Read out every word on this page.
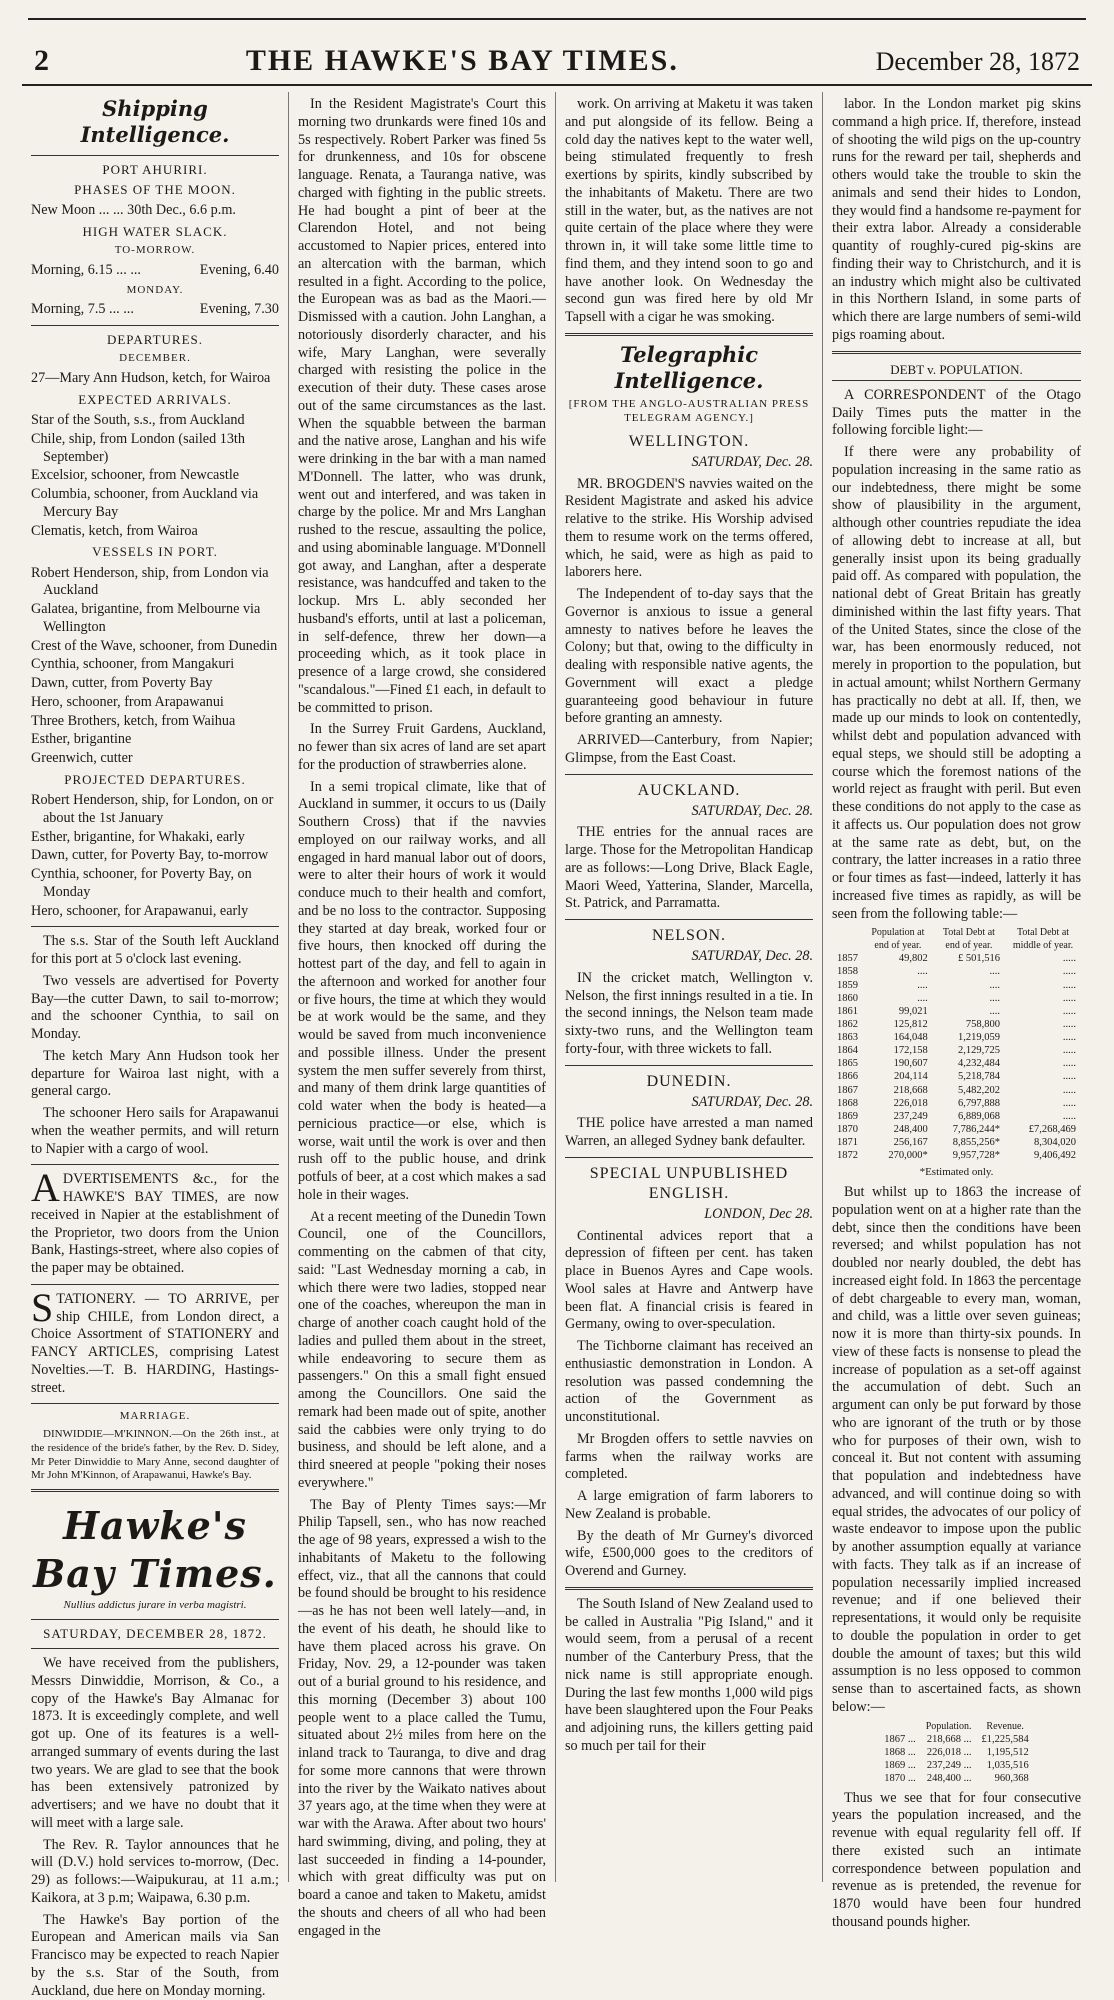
2	THE HAWKE'S BAY TIMES.	December 28, 1872
Shipping Intelligence.
PORT AHURIRI.
PHASES OF THE MOON.
New Moon ... ... 30th Dec., 6.6 p.m.
HIGH WATER SLACK.
TO-MORROW.
Morning, 6.15 ... ...	Evening, 6.40
MONDAY.
Morning, 7.5 ... ...	Evening, 7.30
DEPARTURES.
DECEMBER.
27—Mary Ann Hudson, ketch, for Wairoa
EXPECTED ARRIVALS.
Star of the South, s.s., from Auckland
Chile, ship, from London (sailed 13th September)
Excelsior, schooner, from Newcastle
Columbia, schooner, from Auckland via Mercury Bay
Clematis, ketch, from Wairoa
VESSELS IN PORT.
Robert Henderson, ship, from London via Auckland
Galatea, brigantine, from Melbourne via Wellington
Crest of the Wave, schooner, from Dunedin
Cynthia, schooner, from Mangakuri
Dawn, cutter, from Poverty Bay
Hero, schooner, from Arapawanui
Three Brothers, ketch, from Waihua
Esther, brigantine
Greenwich, cutter
PROJECTED DEPARTURES.
Robert Henderson, ship, for London, on or about the 1st January
Esther, brigantine, for Whakaki, early
Dawn, cutter, for Poverty Bay, to-morrow
Cynthia, schooner, for Poverty Bay, on Monday
Hero, schooner, for Arapawanui, early

The s.s. Star of the South left Auckland for this port at 5 o'clock last evening.

Two vessels are advertised for Poverty Bay—the cutter Dawn, to sail to-morrow; and the schooner Cynthia, to sail on Monday.

The ketch Mary Ann Hudson took her departure for Wairoa last night, with a general cargo.

The schooner Hero sails for Arapawanui when the weather permits, and will return to Napier with a cargo of wool.

ADVERTISEMENTS &c., for the HAWKE'S BAY TIMES, are now received in Napier at the establishment of the Proprietor, two doors from the Union Bank, Hastings-street, where also copies of the paper may be obtained.

STATIONERY. — TO ARRIVE, per ship CHILE, from London direct, a Choice Assortment of STATIONERY and FANCY ARTICLES, comprising Latest Novelties.—T. B. HARDING, Hastings-street.

MARRIAGE.

DINWIDDIE—M'KINNON.—On the 26th inst., at the residence of the bride's father, by the Rev. D. Sidey, Mr Peter Dinwiddie to Mary Anne, second daughter of Mr John M'Kinnon, of Arapawanui, Hawke's Bay.

Hawke's Bay Times.
Nullius addictus jurare in verba magistri.
SATURDAY, DECEMBER 28, 1872.

We have received from the publishers, Messrs Dinwiddie, Morrison, & Co., a copy of the Hawke's Bay Almanac for 1873. It is exceedingly complete, and well got up. One of its features is a well-arranged summary of events during the last two years. We are glad to see that the book has been extensively patronized by advertisers; and we have no doubt that it will meet with a large sale.

The Rev. R. Taylor announces that he will (D.V.) hold services to-morrow, (Dec. 29) as follows:—Waipukurau, at 11 a.m.; Kaikora, at 3 p.m; Waipawa, 6.30 p.m.

The Hawke's Bay portion of the European and American mails via San Francisco may be expected to reach Napier by the s.s. Star of the South, from Auckland, due here on Monday morning.

In the Resident Magistrate's Court this morning two drunkards were fined 10s and 5s respectively. Robert Parker was fined 5s for drunkenness, and 10s for obscene language. Renata, a Tauranga native, was charged with fighting in the public streets. He had bought a pint of beer at the Clarendon Hotel, and not being accustomed to Napier prices, entered into an altercation with the barman, which resulted in a fight. According to the police, the European was as bad as the Maori.—Dismissed with a caution. John Langhan, a notoriously disorderly character, and his wife, Mary Langhan, were severally charged with resisting the police in the execution of their duty. These cases arose out of the same circumstances as the last. When the squabble between the barman and the native arose, Langhan and his wife were drinking in the bar with a man named M'Donnell. The latter, who was drunk, went out and interfered, and was taken in charge by the police. Mr and Mrs Langhan rushed to the rescue, assaulting the police, and using abominable language. M'Donnell got away, and Langhan, after a desperate resistance, was handcuffed and taken to the lockup. Mrs L. ably seconded her husband's efforts, until at last a policeman, in self-defence, threw her down—a proceeding which, as it took place in presence of a large crowd, she considered "scandalous."—Fined £1 each, in default to be committed to prison.

In the Surrey Fruit Gardens, Auckland, no fewer than six acres of land are set apart for the production of strawberries alone.

In a semi tropical climate, like that of Auckland in summer, it occurs to us (Daily Southern Cross) that if the navvies employed on our railway works, and all engaged in hard manual labor out of doors, were to alter their hours of work it would conduce much to their health and comfort, and be no loss to the contractor. Supposing they started at day break, worked four or five hours, then knocked off during the hottest part of the day, and fell to again in the afternoon and worked for another four or five hours, the time at which they would be at work would be the same, and they would be saved from much inconvenience and possible illness. Under the present system the men suffer severely from thirst, and many of them drink large quantities of cold water when the body is heated—a pernicious practice—or else, which is worse, wait until the work is over and then rush off to the public house, and drink potfuls of beer, at a cost which makes a sad hole in their wages.

At a recent meeting of the Dunedin Town Council, one of the Councillors, commenting on the cabmen of that city, said: "Last Wednesday morning a cab, in which there were two ladies, stopped near one of the coaches, whereupon the man in charge of another coach caught hold of the ladies and pulled them about in the street, while endeavoring to secure them as passengers." On this a small fight ensued among the Councillors. One said the remark had been made out of spite, another said the cabbies were only trying to do business, and should be left alone, and a third sneered at people "poking their noses everywhere."

The Bay of Plenty Times says:—Mr Philip Tapsell, sen., who has now reached the age of 98 years, expressed a wish to the inhabitants of Maketu to the following effect, viz., that all the cannons that could be found should be brought to his residence—as he has not been well lately—and, in the event of his death, he should like to have them placed across his grave. On Friday, Nov. 29, a 12-pounder was taken out of a burial ground to his residence, and this morning (December 3) about 100 people went to a place called the Tumu, situated about 2½ miles from here on the inland track to Tauranga, to dive and drag for some more cannons that were thrown into the river by the Waikato natives about 37 years ago, at the time when they were at war with the Arawa. After about two hours' hard swimming, diving, and poling, they at last succeeded in finding a 14-pounder, which with great difficulty was put on board a canoe and taken to Maketu, amidst the shouts and cheers of all who had been engaged in the

work. On arriving at Maketu it was taken and put alongside of its fellow. Being a cold day the natives kept to the water well, being stimulated frequently to fresh exertions by spirits, kindly subscribed by the inhabitants of Maketu. There are two still in the water, but, as the natives are not quite certain of the place where they were thrown in, it will take some little time to find them, and they intend soon to go and have another look. On Wednesday the second gun was fired here by old Mr Tapsell with a cigar he was smoking.

Telegraphic Intelligence.
[FROM THE ANGLO-AUSTRALIAN PRESS TELEGRAM AGENCY.]
WELLINGTON.
SATURDAY, Dec. 28.

MR. BROGDEN'S navvies waited on the Resident Magistrate and asked his advice relative to the strike. His Worship advised them to resume work on the terms offered, which, he said, were as high as paid to laborers here.

The Independent of to-day says that the Governor is anxious to issue a general amnesty to natives before he leaves the Colony; but that, owing to the difficulty in dealing with responsible native agents, the Government will exact a pledge guaranteeing good behaviour in future before granting an amnesty.

ARRIVED—Canterbury, from Napier; Glimpse, from the East Coast.

AUCKLAND.
SATURDAY, Dec. 28.

THE entries for the annual races are large. Those for the Metropolitan Handicap are as follows:—Long Drive, Black Eagle, Maori Weed, Yatterina, Slander, Marcella, St. Patrick, and Parramatta.

NELSON.
SATURDAY, Dec. 28.

IN the cricket match, Wellington v. Nelson, the first innings resulted in a tie. In the second innings, the Nelson team made sixty-two runs, and the Wellington team forty-four, with three wickets to fall.

DUNEDIN.
SATURDAY, Dec. 28.

THE police have arrested a man named Warren, an alleged Sydney bank defaulter.

SPECIAL UNPUBLISHED ENGLISH.
LONDON, Dec 28.

Continental advices report that a depression of fifteen per cent. has taken place in Buenos Ayres and Cape wools. Wool sales at Havre and Antwerp have been flat. A financial crisis is feared in Germany, owing to over-speculation.

The Tichborne claimant has received an enthusiastic demonstration in London. A resolution was passed condemning the action of the Government as unconstitutional.

Mr Brogden offers to settle navvies on farms when the railway works are completed.

A large emigration of farm laborers to New Zealand is probable.

By the death of Mr Gurney's divorced wife, £500,000 goes to the creditors of Overend and Gurney.

The South Island of New Zealand used to be called in Australia "Pig Island," and it would seem, from a perusal of a recent number of the Canterbury Press, that the nick name is still appropriate enough. During the last few months 1,000 wild pigs have been slaughtered upon the Four Peaks and adjoining runs, the killers getting paid so much per tail for their

labor. In the London market pig skins command a high price. If, therefore, instead of shooting the wild pigs on the up-country runs for the reward per tail, shepherds and others would take the trouble to skin the animals and send their hides to London, they would find a handsome re-payment for their extra labor. Already a considerable quantity of roughly-cured pig-skins are finding their way to Christchurch, and it is an industry which might also be cultivated in this Northern Island, in some parts of which there are large numbers of semi-wild pigs roaming about.

DEBT v. POPULATION.

A CORRESPONDENT of the Otago Daily Times puts the matter in the following forcible light:—

If there were any probability of population increasing in the same ratio as our indebtedness, there might be some show of plausibility in the argument, although other countries repudiate the idea of allowing debt to increase at all, but generally insist upon its being gradually paid off. As compared with population, the national debt of Great Britain has greatly diminished within the last fifty years. That of the United States, since the close of the war, has been enormously reduced, not merely in proportion to the population, but in actual amount; whilst Northern Germany has practically no debt at all. If, then, we made up our minds to look on contentedly, whilst debt and population advanced with equal steps, we should still be adopting a course which the foremost nations of the world reject as fraught with peril. But even these conditions do not apply to the case as it affects us. Our population does not grow at the same rate as debt, but, on the contrary, the latter increases in a ratio three or four times as fast—indeed, latterly it has increased five times as rapidly, as will be seen from the following table:—

	Population at end of year.	Total Debt at end of year.	Total Debt at middle of year.
1857	49,802	£ 501,516	.....
1858	....	....	.....
1859	....	....	.....
1860	....	....	.....
1861	99,021	....	.....
1862	125,812	758,800	.....
1863	164,048	1,219,059	.....
1864	172,158	2,129,725	.....
1865	190,607	4,232,484	.....
1866	204,114	5,218,784	.....
1867	218,668	5,482,202	.....
1868	226,018	6,797,888	.....
1869	237,249	6,889,068	.....
1870	248,400	7,786,244*	£7,268,469
1871	256,167	8,855,256*	8,304,020
1872	270,000*	9,957,728*	9,406,492
*Estimated only.

But whilst up to 1863 the increase of population went on at a higher rate than the debt, since then the conditions have been reversed; and whilst population has not doubled nor nearly doubled, the debt has increased eight fold. In 1863 the percentage of debt chargeable to every man, woman, and child, was a little over seven guineas; now it is more than thirty-six pounds. In view of these facts is nonsense to plead the increase of population as a set-off against the accumulation of debt. Such an argument can only be put forward by those who are ignorant of the truth or by those who for purposes of their own, wish to conceal it. But not content with assuming that population and indebtedness have advanced, and will continue doing so with equal strides, the advocates of our policy of waste endeavor to impose upon the public by another assumption equally at variance with facts. They talk as if an increase of population necessarily implied increased revenue; and if one believed their representations, it would only be requisite to double the population in order to get double the amount of taxes; but this wild assumption is no less opposed to common sense than to ascertained facts, as shown below:—

	Population.	Revenue.
1867 ...	218,668 ...	£1,225,584
1868 ...	226,018 ...	1,195,512
1869 ...	237,249 ...	1,035,516
1870 ...	248,400 ...	960,368

Thus we see that for four consecutive years the population increased, and the revenue with equal regularity fell off. If there existed such an intimate correspondence between population and revenue as is pretended, the revenue for 1870 would have been four hundred thousand pounds higher.
